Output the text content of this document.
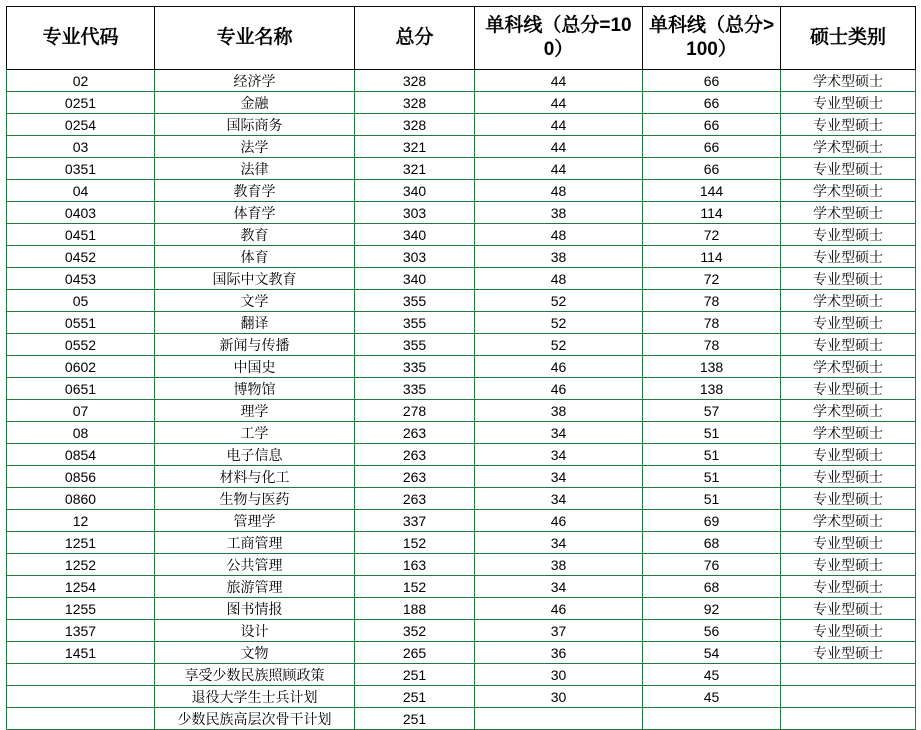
专业代码	专业名称	总分	单科线（总分=100）	单科线（总分>100）	硕士类别
02	经济学	328	44	66	学术型硕士
0251	金融	328	44	66	专业型硕士
0254	国际商务	328	44	66	专业型硕士
03	法学	321	44	66	学术型硕士
0351	法律	321	44	66	专业型硕士
04	教育学	340	48	144	学术型硕士
0403	体育学	303	38	114	学术型硕士
0451	教育	340	48	72	专业型硕士
0452	体育	303	38	114	专业型硕士
0453	国际中文教育	340	48	72	专业型硕士
05	文学	355	52	78	学术型硕士
0551	翻译	355	52	78	专业型硕士
0552	新闻与传播	355	52	78	专业型硕士
0602	中国史	335	46	138	学术型硕士
0651	博物馆	335	46	138	专业型硕士
07	理学	278	38	57	学术型硕士
08	工学	263	34	51	学术型硕士
0854	电子信息	263	34	51	专业型硕士
0856	材料与化工	263	34	51	专业型硕士
0860	生物与医药	263	34	51	专业型硕士
12	管理学	337	46	69	学术型硕士
1251	工商管理	152	34	68	专业型硕士
1252	公共管理	163	38	76	专业型硕士
1254	旅游管理	152	34	68	专业型硕士
1255	图书情报	188	46	92	专业型硕士
1357	设计	352	37	56	专业型硕士
1451	文物	265	36	54	专业型硕士
	享受少数民族照顾政策	251	30	45	
	退役大学生士兵计划	251	30	45	
	少数民族高层次骨干计划	251			
